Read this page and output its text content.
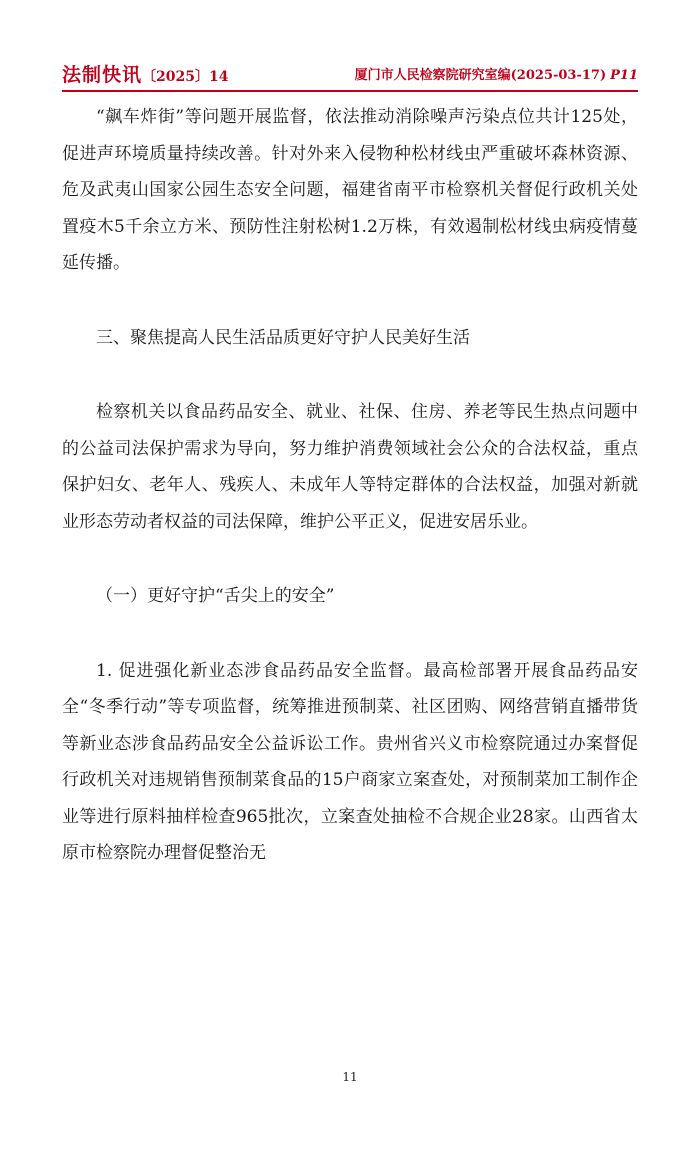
法制快讯〔2025〕14	厦门市人民检察院研究室编(2025-03-17) P11

“飙车炸街”等问题开展监督，依法推动消除噪声污染点位共计125处，促进声环境质量持续改善。针对外来入侵物种松材线虫严重破坏森林资源、危及武夷山国家公园生态安全问题，福建省南平市检察机关督促行政机关处置疫木5千余立方米、预防性注射松树1.2万株，有效遏制松材线虫病疫情蔓延传播。

三、聚焦提高人民生活品质更好守护人民美好生活

检察机关以食品药品安全、就业、社保、住房、养老等民生热点问题中的公益司法保护需求为导向，努力维护消费领域社会公众的合法权益，重点保护妇女、老年人、残疾人、未成年人等特定群体的合法权益，加强对新就业形态劳动者权益的司法保障，维护公平正义，促进安居乐业。

（一）更好守护“舌尖上的安全”

1. 促进强化新业态涉食品药品安全监督。最高检部署开展食品药品安全“冬季行动”等专项监督，统筹推进预制菜、社区团购、网络营销直播带货等新业态涉食品药品安全公益诉讼工作。贵州省兴义市检察院通过办案督促行政机关对违规销售预制菜食品的15户商家立案查处，对预制菜加工制作企业等进行原料抽样检查965批次，立案查处抽检不合规企业28家。山西省太原市检察院办理督促整治无

11
